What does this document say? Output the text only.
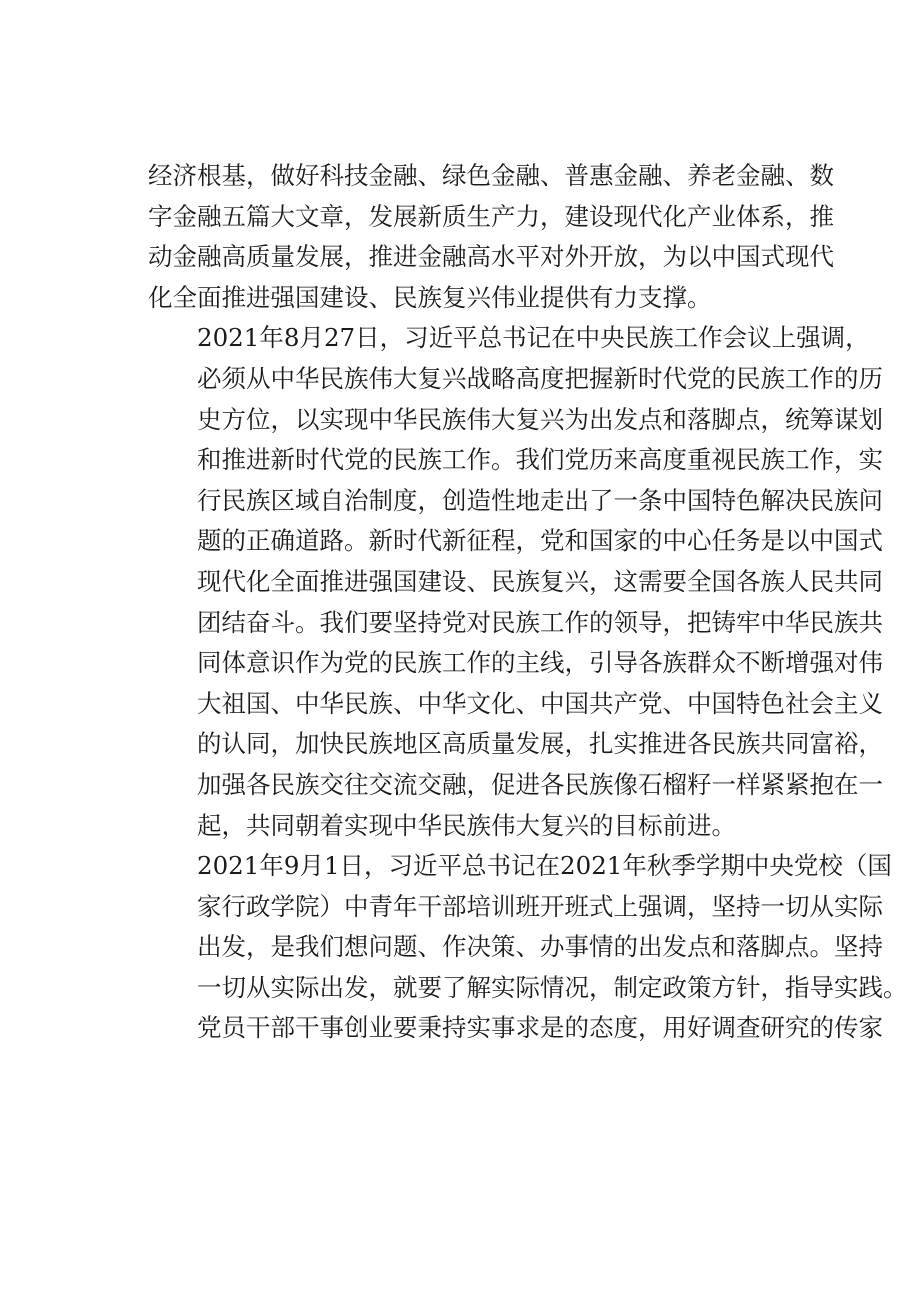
经济根基，做好科技金融、绿色金融、普惠金融、养老金融、数
字金融五篇大文章，发展新质生产力，建设现代化产业体系，推
动金融高质量发展，推进金融高水平对外开放，为以中国式现代
化全面推进强国建设、民族复兴伟业提供有力支撑。

2021年8月27日，习近平总书记在中央民族工作会议上强调，
必须从中华民族伟大复兴战略高度把握新时代党的民族工作的历
史方位，以实现中华民族伟大复兴为出发点和落脚点，统筹谋划
和推进新时代党的民族工作。我们党历来高度重视民族工作，实
行民族区域自治制度，创造性地走出了一条中国特色解决民族问
题的正确道路。新时代新征程，党和国家的中心任务是以中国式
现代化全面推进强国建设、民族复兴，这需要全国各族人民共同
团结奋斗。我们要坚持党对民族工作的领导，把铸牢中华民族共
同体意识作为党的民族工作的主线，引导各族群众不断增强对伟
大祖国、中华民族、中华文化、中国共产党、中国特色社会主义
的认同，加快民族地区高质量发展，扎实推进各民族共同富裕，
加强各民族交往交流交融，促进各民族像石榴籽一样紧紧抱在一
起，共同朝着实现中华民族伟大复兴的目标前进。

2021年9月1日，习近平总书记在2021年秋季学期中央党校（国
家行政学院）中青年干部培训班开班式上强调，坚持一切从实际
出发，是我们想问题、作决策、办事情的出发点和落脚点。坚持
一切从实际出发，就要了解实际情况，制定政策方针，指导实践。
党员干部干事创业要秉持实事求是的态度，用好调查研究的传家
